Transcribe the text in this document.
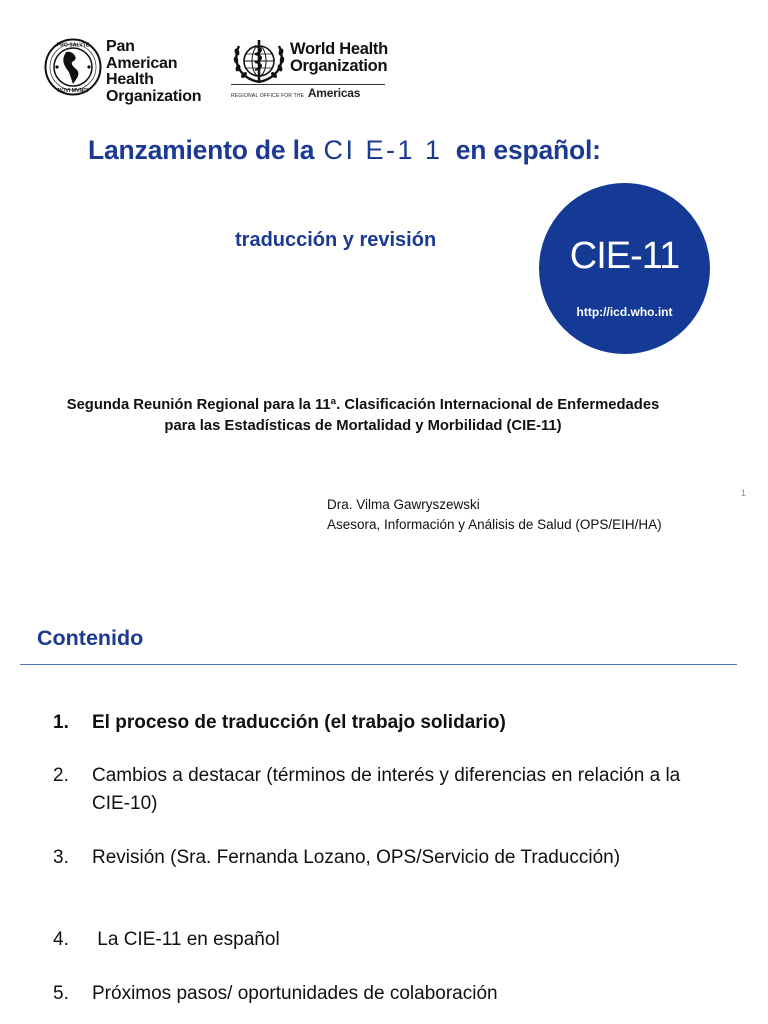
PRO SALVTE
NOVI MVNDI
Pan American
Health
Organization
World Health
Organization
REGIONAL OFFICE FOR THE Americas
Lanzamiento de la CI E-1 1 en español:
traducción y revisión	CIE-11
http://icd.who.int
Segunda Reunión Regional para la 11ª. Clasificación Internacional de Enfermedades
para las Estadísticas de Mortalidad y Morbilidad (CIE-11)
1
Dra. Vilma Gawryszewski
Asesora, Información y Análisis de Salud (OPS/EIH/HA)
Contenido
1. El proceso de traducción (el trabajo solidario)
2. Cambios a destacar (términos de interés y diferencias en relación a la CIE-10)
3. Revisión (Sra. Fernanda Lozano, OPS/Servicio de Traducción)
4. La CIE-11 en español
5. Próximos pasos/ oportunidades de colaboración
